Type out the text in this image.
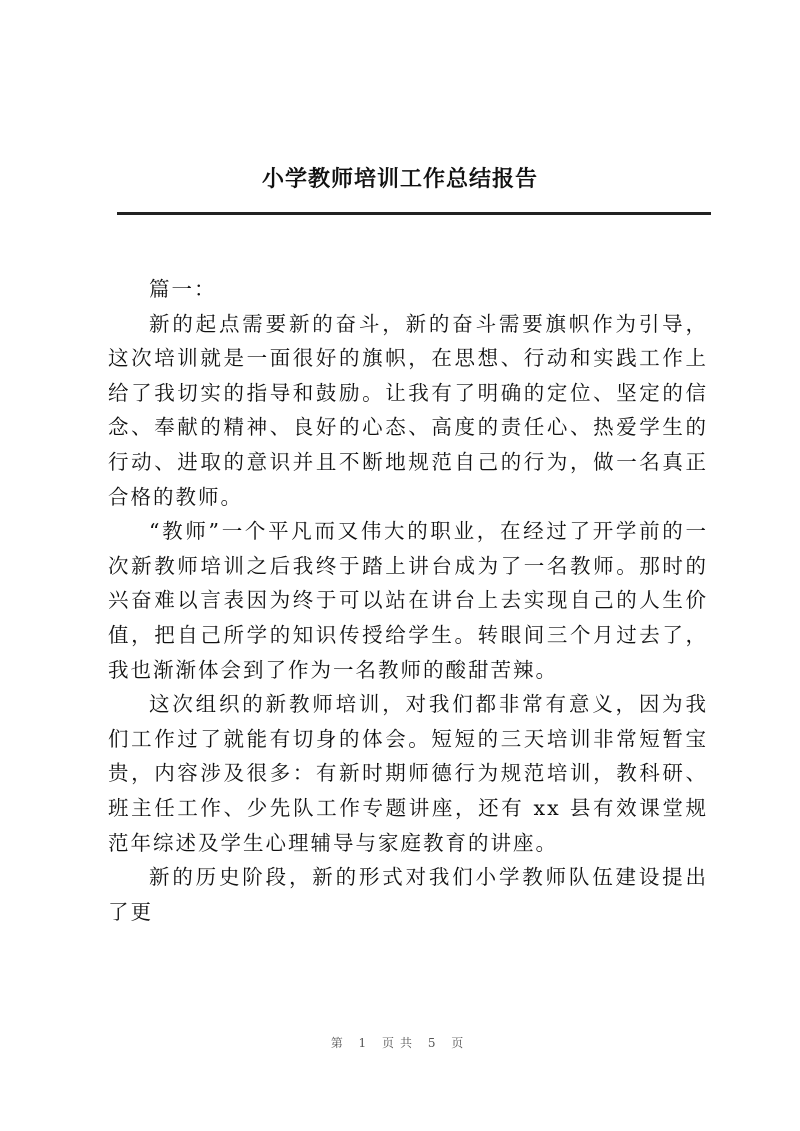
小学教师培训工作总结报告

篇一：

新的起点需要新的奋斗，新的奋斗需要旗帜作为引导，这次培训就是一面很好的旗帜，在思想、行动和实践工作上给了我切实的指导和鼓励。让我有了明确的定位、坚定的信念、奉献的精神、良好的心态、高度的责任心、热爱学生的行动、进取的意识并且不断地规范自己的行为，做一名真正合格的教师。

“教师”一个平凡而又伟大的职业，在经过了开学前的一次新教师培训之后我终于踏上讲台成为了一名教师。那时的兴奋难以言表因为终于可以站在讲台上去实现自己的人生价值，把自己所学的知识传授给学生。转眼间三个月过去了，我也渐渐体会到了作为一名教师的酸甜苦辣。

这次组织的新教师培训，对我们都非常有意义，因为我们工作过了就能有切身的体会。短短的三天培训非常短暂宝贵，内容涉及很多：有新时期师德行为规范培训，教科研、班主任工作、少先队工作专题讲座，还有 xx 县有效课堂规范年综述及学生心理辅导与家庭教育的讲座。

新的历史阶段，新的形式对我们小学教师队伍建设提出了更

第 1 页共 5 页
